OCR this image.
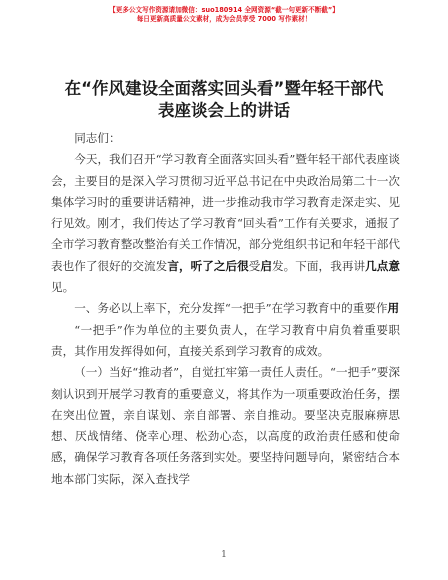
【更多公文写作资源请加微信：suo180914 全网资源“截一句更新不断截”】
每日更新高质量公文素材，成为会员享受 7000 写作素材！
在“作风建设全面落实回头看”暨年轻干部代
表座谈会上的讲话

同志们：

今天，我们召开“学习教育全面落实回头看”暨年轻干部代表座谈会，主要目的是深入学习贯彻习近平总书记在中央政治局第二十一次集体学习时的重要讲话精神，进一步推动我市学习教育走深走实、见行见效。刚才，我们传达了学习教育“回头看”工作有关要求，通报了全市学习教育整改整治有关工作情况，部分党组织书记和年轻干部代表也作了很好的交流发言，听了之后很受启发。下面，我再讲几点意见。

一、务必以上率下，充分发挥“一把手”在学习教育中的重要作用

“一把手”作为单位的主要负责人，在学习教育中肩负着重要职责，其作用发挥得如何，直接关系到学习教育的成效。

（一）当好“推动者”，自觉扛牢第一责任人责任。“一把手”要深刻认识到开展学习教育的重要意义，将其作为一项重要政治任务，摆在突出位置，亲自谋划、亲自部署、亲自推动。要坚决克服麻痹思想、厌战情绪、侥幸心理、松劲心态，以高度的政治责任感和使命感，确保学习教育各项任务落到实处。要坚持问题导向，紧密结合本地本部门实际，深入查找学

1
